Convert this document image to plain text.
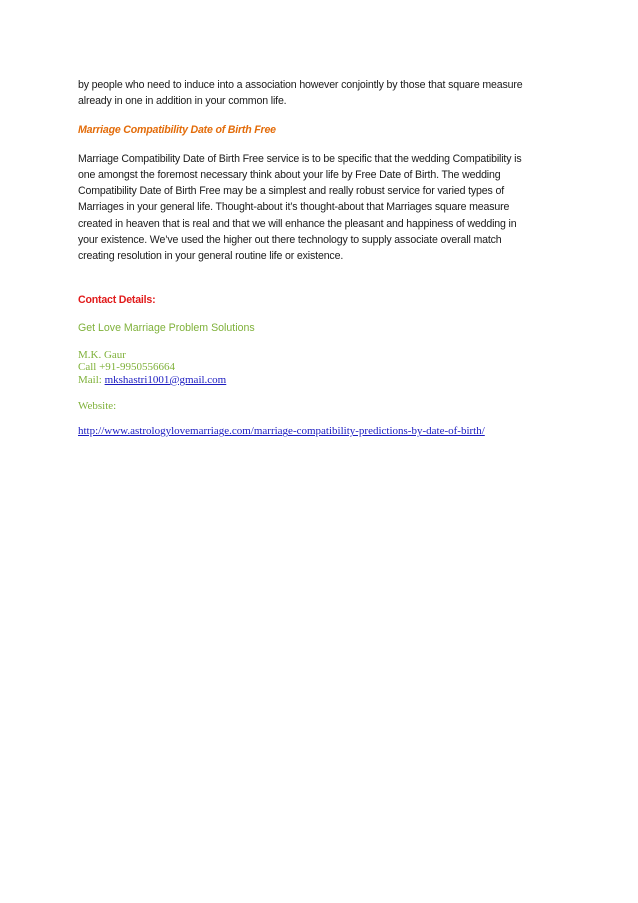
by people who need to induce into a association however conjointly by those that square measure
already in one in addition in your common life.

Marriage Compatibility Date of Birth Free

Marriage Compatibility Date of Birth Free service is to be specific that the wedding Compatibility is
one amongst the foremost necessary think about your life by Free Date of Birth. The wedding
Compatibility Date of Birth Free may be a simplest and really robust service for varied types of
Marriages in your general life. Thought-about it’s thought-about that Marriages square measure
created in heaven that is real and that we will enhance the pleasant and happiness of wedding in
your existence. We’ve used the higher out there technology to supply associate overall match
creating resolution in your general routine life or existence.

Contact Details:

Get Love Marriage Problem Solutions

M.K. Gaur

Call +91-9950556664

Mail: mkshastri1001@gmail.com

Website:

http://www.astrologylovemarriage.com/marriage-compatibility-predictions-by-date-of-birth/
